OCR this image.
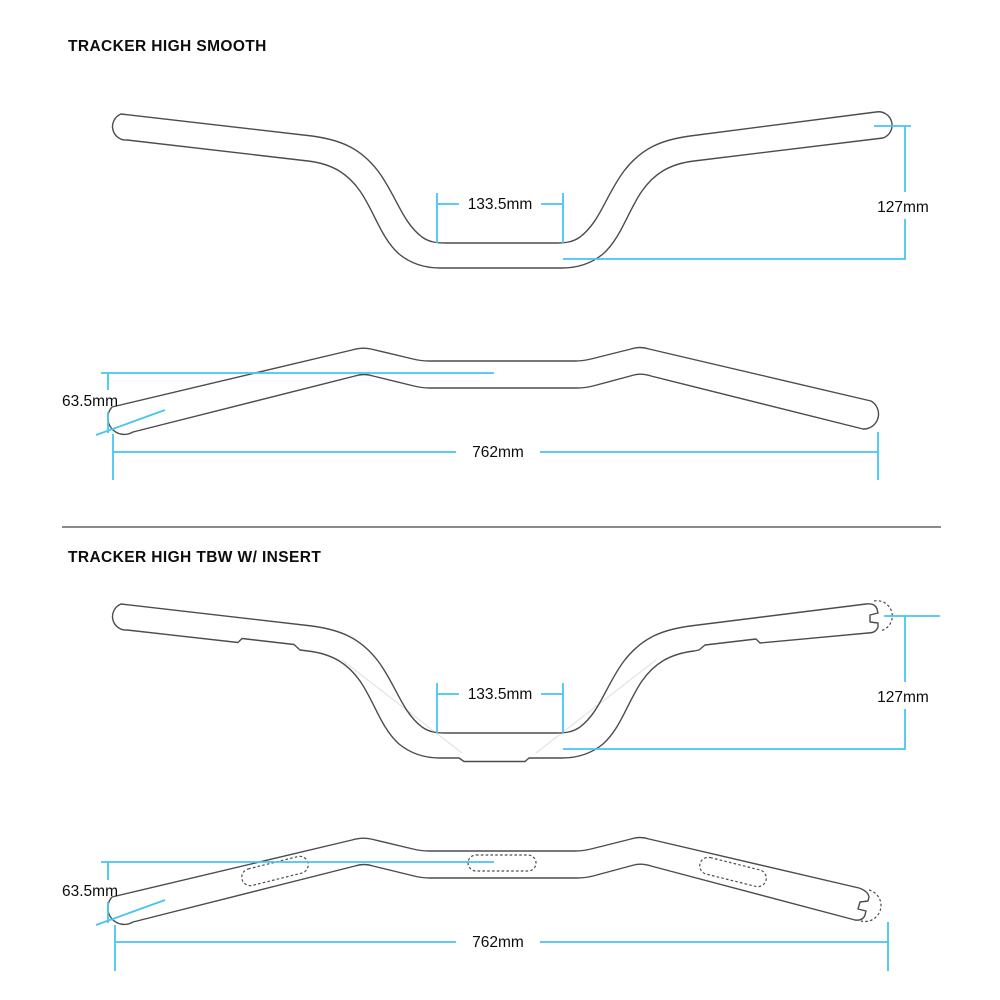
TRACKER HIGH SMOOTH
TRACKER HIGH TBW W/ INSERT
133.5mm	127mm
63.5mm
762mm
133.5mm	127mm
63.5mm
762mm
